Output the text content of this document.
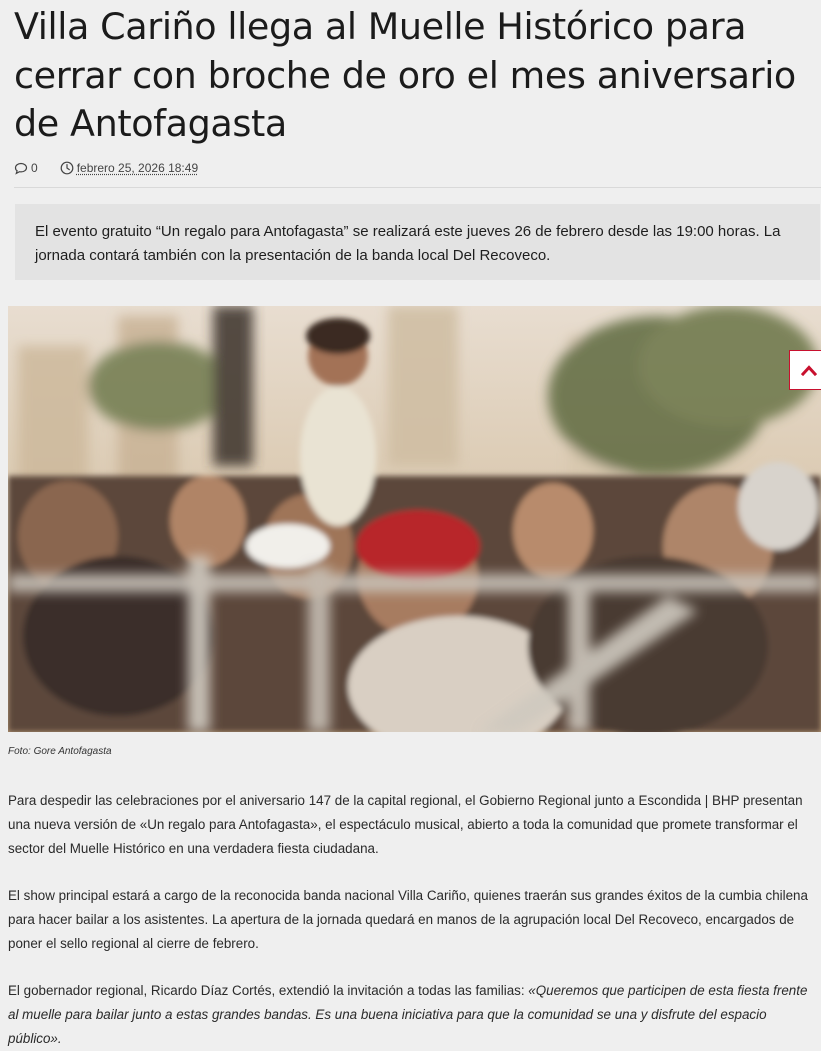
Villa Cariño llega al Muelle Histórico para cerrar con broche de oro el mes aniversario de Antofagasta
0	febrero 25, 2026 18:49

El evento gratuito “Un regalo para Antofagasta” se realizará este jueves 26 de febrero desde las 19:00 horas. La jornada contará también con la presentación de la banda local Del Recoveco.

Foto: Gore Antofagasta

Para despedir las celebraciones por el aniversario 147 de la capital regional, el Gobierno Regional junto a Escondida | BHP presentan una nueva versión de «Un regalo para Antofagasta», el espectáculo musical, abierto a toda la comunidad que promete transformar el sector del Muelle Histórico en una verdadera fiesta ciudadana.

El show principal estará a cargo de la reconocida banda nacional Villa Cariño, quienes traerán sus grandes éxitos de la cumbia chilena para hacer bailar a los asistentes. La apertura de la jornada quedará en manos de la agrupación local Del Recoveco, encargados de poner el sello regional al cierre de febrero.

El gobernador regional, Ricardo Díaz Cortés, extendió la invitación a todas las familias: «Queremos que participen de esta fiesta frente al muelle para bailar junto a estas grandes bandas. Es una buena iniciativa para que la comunidad se una y disfrute del espacio público».
